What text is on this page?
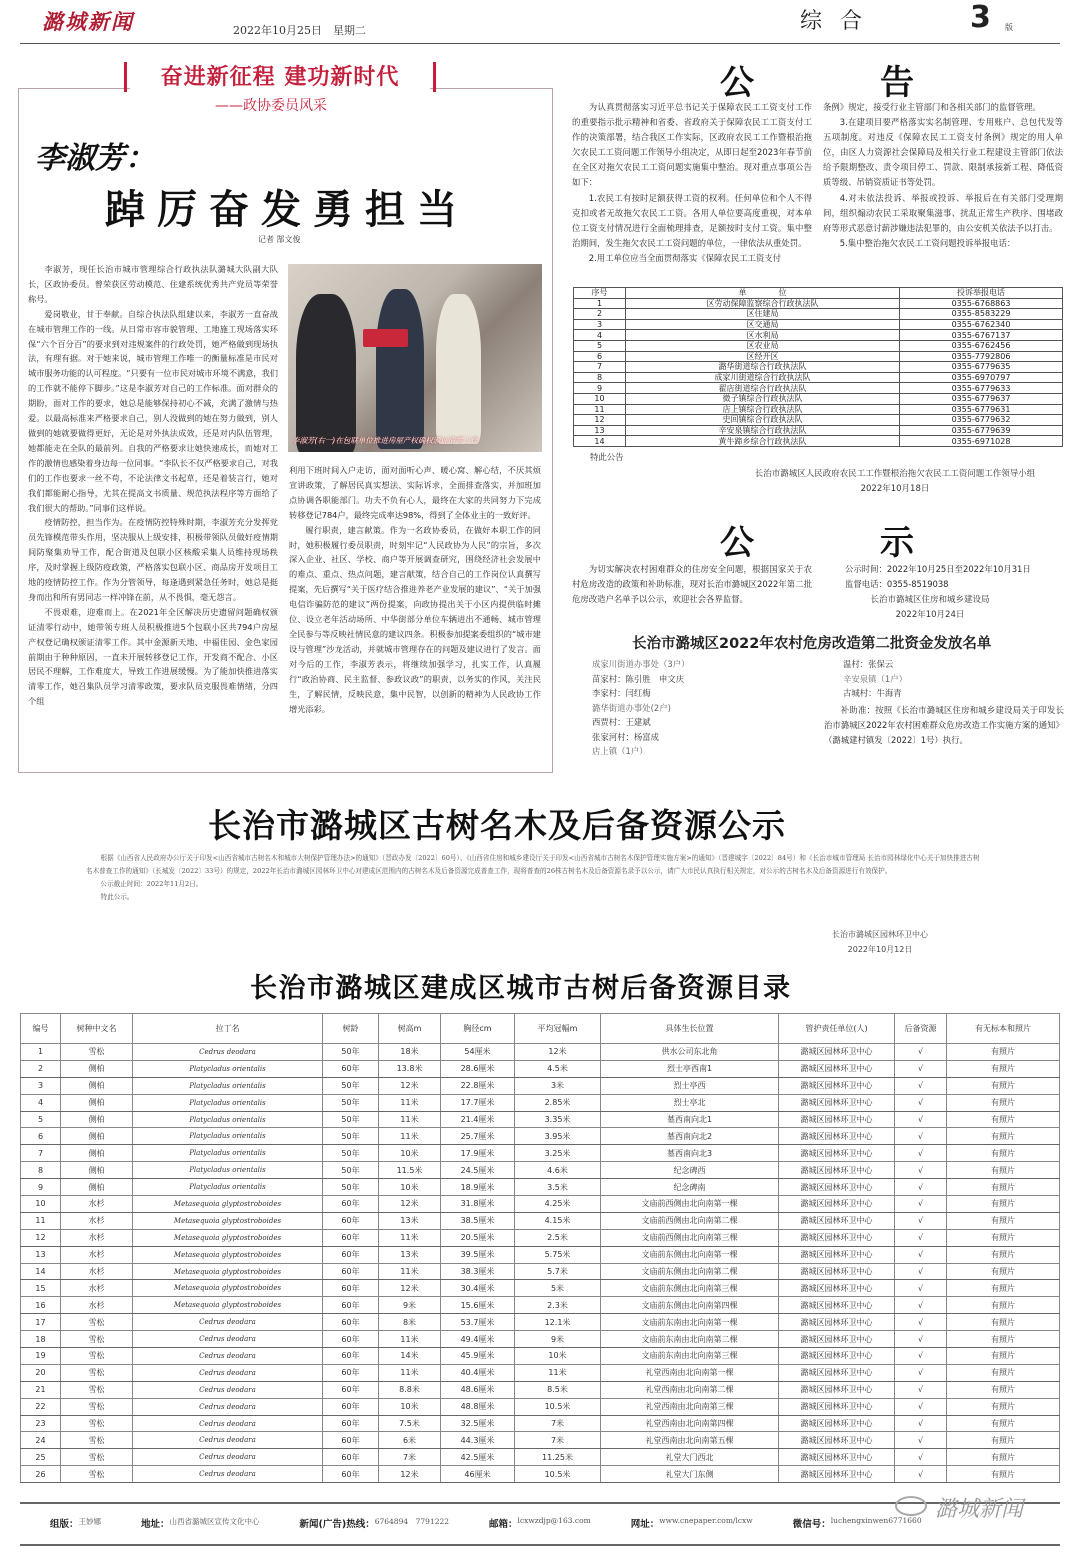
潞城新闻	2022年10月25日　星期二	综合	3 版
奋进新征程 建功新时代
——政协委员风采
李淑芳：
踔厉奋发勇担当
记者 郜文俊

李淑芳，现任长治市城市管理综合行政执法队潞城大队副大队长，区政协委员。曾荣获区劳动模范、住建系统优秀共产党员等荣誉称号。

爱岗敬业，甘于奉献。自综合执法队组建以来，李淑芳一直奋战在城市管理工作的一线。从日常市容市貌管理、工地施工现场落实环保“六个百分百”的要求到对违规案件的行政处罚，她严格做到现场执法，有理有据。对于她来说，城市管理工作唯一的衡量标准是市民对城市服务功能的认可程度。“只要有一位市民对城市环境不满意，我们的工作就不能停下脚步。”这是李淑芳对自己的工作标准。面对群众的期盼，面对工作的要求，她总是能够保持初心不减，充满了激情与热爱。以最高标准来严格要求自己，别人没做到的她在努力做到，别人做到的她就要做得更好，无论是对外执法成效，还是对内队伍管理，她都能走在全队的最前列。自我的严格要求让她快速成长，而她对工作的激情也感染着身边每一位同事。“李队长不仅严格要求自己，对我们的工作也要求一丝不苟，不论法律文书起草，还是着装言行，她对我们都能耐心指导，尤其在提高文书质量、规范执法程序等方面给了我们很大的帮助。”同事们这样说。

疫情防控，担当作为。在疫情防控特殊时期，李淑芳充分发挥党员先锋模范带头作用，坚决服从上级安排，积极带领队员做好疫情期间防聚集劝导工作，配合街道及包联小区核酸采集人员维持现场秩序，及时掌握上级防疫政策，严格落实包联小区、商品房开发项目工地的疫情防控工作。作为分管领导，每逢遇到紧急任务时，她总是挺身而出和所有男同志一样冲锋在前，从不畏惧，毫无怨言。

不畏艰难，迎难而上。在2021年全区解决历史遗留问题确权颁证清零行动中，她带领专班人员积极推进5个包联小区共794户房屋产权登记确权颁证清零工作。其中金源新天地、中福佳园、金色家园前期由于种种原因，一直未开展转移登记工作，开发商不配合、小区居民不理解，工作难度大，导致工作进展缓慢。为了能加快推进落实清零工作，她召集队员学习清零政策，要求队员克服畏难情绪，分四个组

李淑芳(右一)在包联单位推进房屋产权确权颁证清零工作

利用下班时间入户走访，面对面听心声、暖心窝、解心结，不厌其烦宣讲政策，了解居民真实想法、实际诉求，全面排查落实，并加班加点协调各职能部门。功夫不负有心人，最终在大家的共同努力下完成转移登记784户，最终完成率达98%，得到了全体业主的一致好评。

履行职责，建言献策。作为一名政协委员，在做好本职工作的同时，她积极履行委员职责，时刻牢记“人民政协为人民”的宗旨，多次深入企业、社区、学校、商户等开展调查研究，围绕经济社会发展中的难点、重点、热点问题，建言献策，结合自己的工作岗位认真撰写提案，先后撰写“关于医疗结合推进养老产业发展的建议”、“关于加强电信诈骗防范的建议”两份提案，向政协提出关于小区内提供临时摊位、设立老年活动场所、中华街部分单位车辆进出不通畅、城市管理全民参与等反映社情民意的建议四条。积极参加提案委组织的“城市建设与管理”沙龙活动，并就城市管理存在的问题及建议进行了发言。面对今后的工作，李淑芳表示，将继续加强学习，扎实工作，认真履行“政治协商、民主监督、参政议政”的职责，以务实的作风，关注民生，了解民情，反映民意，集中民智，以创新的精神为人民政协工作增光添彩。

公	告

为认真贯彻落实习近平总书记关于保障农民工工资支付工作的重要指示批示精神和省委、省政府关于保障农民工工资支付工作的决策部署，结合我区工作实际，区政府农民工工作暨根治拖欠农民工工资问题工作领导小组决定，从即日起至2023年春节前在全区对拖欠农民工工资问题实施集中整治。现对重点事项公告如下：

1.农民工有按时足额获得工资的权利。任何单位和个人不得克扣或者无故拖欠农民工工资。各用人单位要高度重视，对本单位工资支付情况进行全面梳理排查，足额按时支付工资。集中整治期间，发生拖欠农民工工资问题的单位，一律依法从重处罚。

2.用工单位应当全面贯彻落实《保障农民工工资支付

条例》规定，接受行业主管部门和各相关部门的监督管理。

3.在建项目要严格落实实名制管理、专用账户、总包代发等五项制度。对违反《保障农民工工资支付条例》规定的用人单位，由区人力资源社会保障局及相关行业工程建设主管部门依法给予限期整改、责令项目停工、罚款、限制承接新工程、降低资质等级、吊销资质证书等处罚。

4.对未依法投诉、举报或投诉、举报后在有关部门受理期间，组织煽动农民工采取聚集滋事、扰乱正常生产秩序、围堵政府等形式恶意讨薪涉嫌违法犯罪的，由公安机关依法予以打击。

5.集中整治拖欠农民工工资问题投诉举报电话：

序号	单　　　　位	投诉举报电话
1	区劳动保障监察综合行政执法队	0355-6768863
2	区住建局	0355-8583229
3	区交通局	0355-6762340
4	区水利局	0355-6767137
5	区农业局	0355-6762456
6	区经开区	0355-7792806
7	潞华街道综合行政执法队	0355-6779635
8	成家川街道综合行政执法队	0355-6970797
9	翟店街道综合行政执法队	0355-6779633
10	微子镇综合行政执法队	0355-6779637
11	店上镇综合行政执法队	0355-6779631
12	史回镇综合行政执法队	0355-6779632
13	辛安泉镇综合行政执法队	0355-6779639
14	黄牛蹄乡综合行政执法队	0355-6971028
特此公告
长治市潞城区人民政府农民工工作暨根治拖欠农民工工资问题工作领导小组
2022年10月18日
公	示

为切实解决农村困难群众的住房安全问题，根据国家关于农村危房改造的政策和补助标准，现对长治市潞城区2022年第二批危房改造户名单予以公示，欢迎社会各界监督。

公示时间：2022年10月25日至2022年10月31日
监督电话：0355-8519038
长治市潞城区住房和城乡建设局
2022年10月24日
长治市潞城区2022年农村危房改造第二批资金发放名单
成家川街道办事处（3户）
苗家村：陈引胜　申文庆
李家村：闫红梅
潞华街道办事处(2户)
西贾村：王建斌
张家河村：杨富成
店上镇（1户）
温村：张保云
辛安泉镇（1户）
古城村：牛海青

补助准：按照《长治市潞城区住房和城乡建设局关于印发长治市潞城区2022年农村困难群众危房改造工作实施方案的通知》（潞城建村镇发〔2022〕1号）执行。

长治市潞城区古树名木及后备资源公示

根据《山西省人民政府办公厅关于印发<山西省城市古树名木和城市大树保护管理办法>的通知》（晋政办发〔2022〕60号）、《山西省住房和城乡建设厅关于印发<山西省城市古树名木保护管理实施方案>的通知》（晋建城字〔2022〕84号）和《长治市城市管理局 长治市园林绿化中心关于加快推进古树名木普查工作的通知》（长城发〔2022〕33号）的规定，2022年长治市潞城区园林环卫中心对建成区范围内的古树名木及后备资源完成普查工作，现将普查的26株古树名木及后备资源名录予以公示，请广大市民认真执行相关规定，对公示的古树名木及后备资源进行有效保护。

公示截止时间：2022年11月2日。

特此公示。

长治市潞城区园林环卫中心
2022年10月12日
长治市潞城区建成区城市古树后备资源目录
编号	树种中文名	拉丁名	树龄	树高m	胸径cm	平均冠幅m	具体生长位置	管护责任单位(人)	后备资源	有无标本和照片
1	雪松	Cedrus deodara	50年	18米	54厘米	12米	供水公司东北角	潞城区园林环卫中心	√	有照片
2	侧柏	Platycladus orientalis	60年	13.8米	28.6厘米	4.5米	烈士亭西南1	潞城区园林环卫中心	√	有照片
3	侧柏	Platycladus orientalis	50年	12米	22.8厘米	3米	烈士亭西	潞城区园林环卫中心	√	有照片
4	侧柏	Platycladus orientalis	50年	11米	17.7厘米	2.85米	烈士亭北	潞城区园林环卫中心	√	有照片
5	侧柏	Platycladus orientalis	50年	11米	21.4厘米	3.35米	墓西南向北1	潞城区园林环卫中心	√	有照片
6	侧柏	Platycladus orientalis	50年	11米	25.7厘米	3.95米	墓西南向北2	潞城区园林环卫中心	√	有照片
7	侧柏	Platycladus orientalis	50年	10米	17.9厘米	3.25米	墓西南向北3	潞城区园林环卫中心	√	有照片
8	侧柏	Platycladus orientalis	50年	11.5米	24.5厘米	4.6米	纪念碑西	潞城区园林环卫中心	√	有照片
9	侧柏	Platycladus orientalis	50年	10米	18.9厘米	3.5米	纪念碑南	潞城区园林环卫中心	√	有照片
10	水杉	Metasequoia glyptostroboides	60年	12米	31.8厘米	4.25米	文庙前西侧由北向南第一棵	潞城区园林环卫中心	√	有照片
11	水杉	Metasequoia glyptostroboides	60年	13米	38.5厘米	4.15米	文庙前西侧由北向南第二棵	潞城区园林环卫中心	√	有照片
12	水杉	Metasequoia glyptostroboides	60年	11米	20.5厘米	2.5米	文庙前西侧由北向南第三棵	潞城区园林环卫中心	√	有照片
13	水杉	Metasequoia glyptostroboides	60年	13米	39.5厘米	5.75米	文庙前东侧由北向南第一棵	潞城区园林环卫中心	√	有照片
14	水杉	Metasequoia glyptostroboides	60年	11米	38.3厘米	5.7米	文庙前东侧由北向南第二棵	潞城区园林环卫中心	√	有照片
15	水杉	Metasequoia glyptostroboides	60年	12米	30.4厘米	5米	文庙前东侧由北向南第三棵	潞城区园林环卫中心	√	有照片
16	水杉	Metasequoia glyptostroboides	60年	9米	15.6厘米	2.3米	文庙前东侧由北向南第四棵	潞城区园林环卫中心	√	有照片
17	雪松	Cedrus deodara	60年	8米	53.7厘米	12.1米	文庙前东南由北向南第一棵	潞城区园林环卫中心	√	有照片
18	雪松	Cedrus deodara	60年	11米	49.4厘米	9米	文庙前东南由北向南第二棵	潞城区园林环卫中心	√	有照片
19	雪松	Cedrus deodara	60年	14米	45.9厘米	10米	文庙前东南由北向南第三棵	潞城区园林环卫中心	√	有照片
20	雪松	Cedrus deodara	60年	11米	40.4厘米	11米	礼堂西南由北向南第一棵	潞城区园林环卫中心	√	有照片
21	雪松	Cedrus deodara	60年	8.8米	48.6厘米	8.5米	礼堂西南由北向南第二棵	潞城区园林环卫中心	√	有照片
22	雪松	Cedrus deodara	60年	10米	48.8厘米	10.5米	礼堂西南由北向南第三棵	潞城区园林环卫中心	√	有照片
23	雪松	Cedrus deodara	60年	7.5米	32.5厘米	7米	礼堂西南由北向南第四棵	潞城区园林环卫中心	√	有照片
24	雪松	Cedrus deodara	60年	6米	44.3厘米	7米	礼堂西南由北向南第五棵	潞城区园林环卫中心	√	有照片
25	雪松	Cedrus deodara	60年	7米	42.5厘米	11.25米	礼堂大门西北	潞城区园林环卫中心	√	有照片
26	雪松	Cedrus deodara	60年	12米	46厘米	10.5米	礼堂大门东侧	潞城区园林环卫中心	√	有照片
组版： 王妙娜	地址： 山西省潞城区宣传文化中心	新闻(广告)热线： 6764894　7791222	邮箱： lcxwzdjp@163.com	网址： www.cnepaper.com/lcxw	微信号： luchengxinwen6771660 潞城新闻
